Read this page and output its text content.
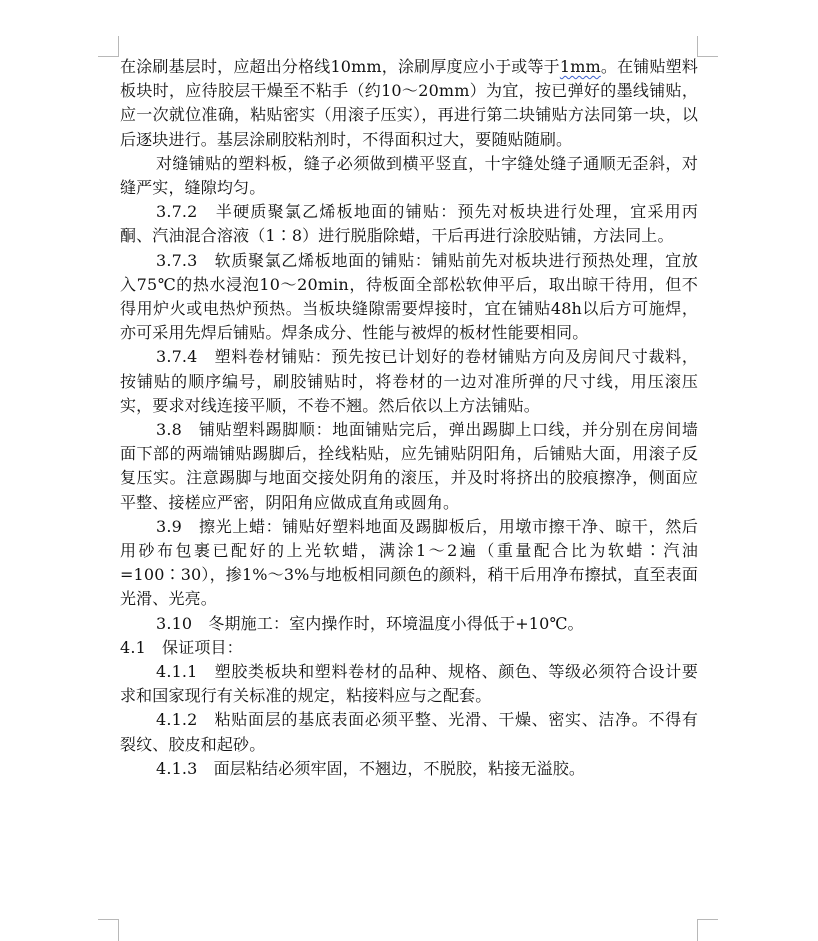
在涂刷基层时，应超出分格线10mm，涂刷厚度应小于或等于1mm。在铺贴塑料板块时，应待胶层干燥至不粘手（约10～20mm）为宜，按已弹好的墨线铺贴，应一次就位准确，粘贴密实（用滚子压实），再进行第二块铺贴方法同第一块，以后逐块进行。基层涂刷胶粘剂时，不得面积过大，要随贴随刷。

对缝铺贴的塑料板，缝子必须做到横平竖直，十字缝处缝子通顺无歪斜，对缝严实，缝隙均匀。

3.7.2　半硬质聚氯乙烯板地面的铺贴：预先对板块进行处理，宜采用丙酮、汽油混合溶液（1∶8）进行脱脂除蜡，干后再进行涂胶贴铺，方法同上。

3.7.3　软质聚氯乙烯板地面的铺贴：铺贴前先对板块进行预热处理，宜放入75℃的热水浸泡10～20min，待板面全部松软伸平后，取出晾干待用，但不得用炉火或电热炉预热。当板块缝隙需要焊接时，宜在铺贴48h以后方可施焊，亦可采用先焊后铺贴。焊条成分、性能与被焊的板材性能要相同。

3.7.4　塑料卷材铺贴：预先按已计划好的卷材铺贴方向及房间尺寸裁料，按铺贴的顺序编号，刷胶铺贴时，将卷材的一边对准所弹的尺寸线，用压滚压实，要求对线连接平顺，不卷不翘。然后依以上方法铺贴。

3.8　铺贴塑料踢脚顺：地面铺贴完后，弹出踢脚上口线，并分别在房间墙面下部的两端铺贴踢脚后，拴线粘贴，应先铺贴阴阳角，后铺贴大面，用滚子反复压实。注意踢脚与地面交接处阴角的滚压，并及时将挤出的胶痕擦净，侧面应平整、接槎应严密，阴阳角应做成直角或圆角。

3.9　擦光上蜡：铺贴好塑料地面及踢脚板后，用墩市擦干净、晾干，然后用砂布包裹已配好的上光软蜡，满涂1～2遍（重量配合比为软蜡∶汽油=100∶30），掺1%～3%与地板相同颜色的颜料，稍干后用净布擦拭，直至表面光滑、光亮。

3.10　冬期施工：室内操作时，环境温度小得低于+10℃。

4.1　保证项目：

4.1.1　塑胶类板块和塑料卷材的品种、规格、颜色、等级必须符合设计要求和国家现行有关标准的规定，粘接料应与之配套。

4.1.2　粘贴面层的基底表面必须平整、光滑、干燥、密实、洁净。不得有裂纹、胶皮和起砂。

4.1.3　面层粘结必须牢固，不翘边，不脱胶，粘接无溢胶。
